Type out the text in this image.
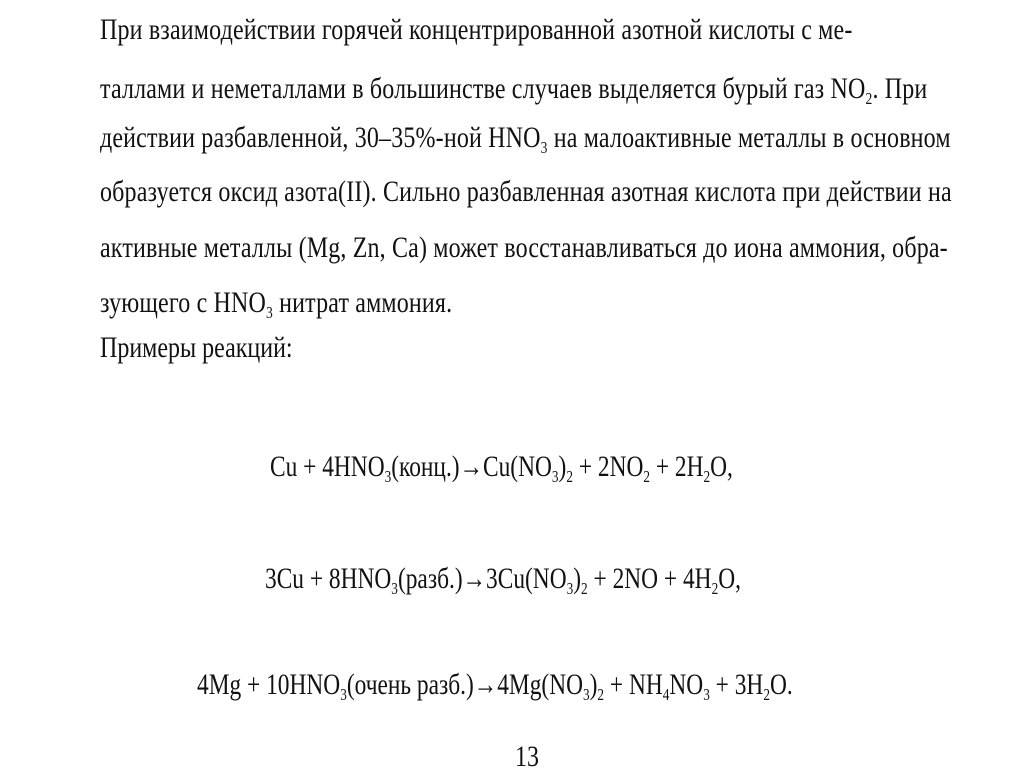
При взаимодействии горячей концентрированной азотной кислоты с ме-
таллами и неметаллами в большинстве случаев выделяется бурый газ $NO_2$. При
действии разбавленной, 30–35%-ной $HNO_3$ на малоактивные металлы в основном
образуется оксид азота(II). Сильно разбавленная азотная кислота при действии на
активные металлы (Mg, Zn, Ca) может восстанавливаться до иона аммония, обра-
зующего с $HNO_3$ нитрат аммония.
Примеры реакций:
$Cu + 4HNO_3(конц.)\to Cu(NO_3)_2 + 2NO_2 + 2H_2O$,
$3Cu + 8HNO_3(разб.)\to 3Cu(NO_3)_2 + 2NO + 4H_2O$,
$4Mg + 10HNO_3(очень$ $разб.)\to 4Mg(NO_3)_2 + NH_4NO_3 + 3H_2O$.
13
